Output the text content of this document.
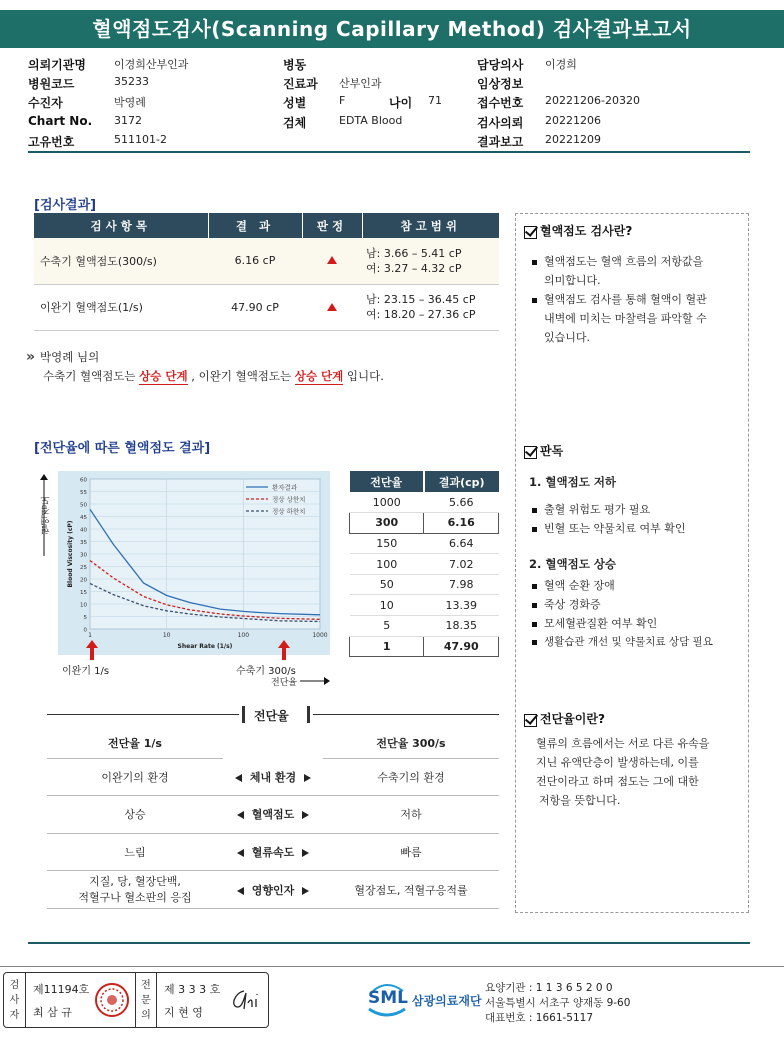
혈액점도검사(Scanning Capillary Method) 검사결과보고서
의뢰기관명	이경희산부인과
병원코드	35233
수진자	박영례
Chart No. 3172
고유번호	511101-2
병동
진료과 산부인과
성별	F	나이 71
검체	EDTA Blood
담당의사 이경희
임상정보
접수번호 20221206-20320
검사의뢰 20221206
결과보고 20221209
[검사결과]
검사항목	결 과	판정	참고범위
수축기 혈액점도(300/s)	6.16 cP		남: 3.66 – 5.41 cP
여: 3.27 – 4.32 cP

이완기 혈액점도(1/s)	47.90 cP		남: 23.15 – 36.45 cP
여: 18.20 – 27.36 cP
» 박영례 님의
수축기 혈액점도는 상승 단계 , 이완기 혈액점도는 상승 단계 입니다.
[전단율에 따른 혈액점도 결과]
혈액점도
0
5
10
15
20
25
30
35
40
45
50
55
60
1	10	100	1000
Shear Rate (1/s)
Blood Viscosity (cP)
환자결과
정상 상한치
정상 하한치
이완기 1/s	수축기 300/s
전단율
전단율	결과(cp)
1000	5.66
300	6.16
150	6.64
100	7.02
50	7.98
10	13.39
5	18.35
1	47.90
전단율
전단율 1/s		전단율 300/s
이완기의 환경	체내 환경	수축기의 환경
상승	혈액점도	저하
느림	혈류속도	빠름

지질, 당, 혈장단백,
적혈구나 혈소판의 응집	영향인자	혈장점도, 적혈구응적률
혈액점도 검사란?
혈액점도는 혈액 흐름의 저항값을
의미합니다.
혈액점도 검사를 통해 혈액이 혈관
내벽에 미치는 마찰력을 파악할 수
있습니다.
판독
1. 혈액점도 저하
출혈 위험도 평가 필요
빈혈 또는 약물치료 여부 확인
2. 혈액점도 상승
혈액 순환 장애
죽상 경화증
모세혈관질환 여부 확인
생활습관 개선 및 약물치료 상담 필요
전단율이란?
혈류의 흐름에서는 서로 다른 유속을
지닌 유액단층이 발생하는데, 이를
전단이라고 하며 점도는 그에 대한
저항을 뜻합니다.
검
사
자
제11194호
최 삼 규
전
문
의
제 3 3 3 호
지 현 영
SML 삼광의료재단
요양기관 : 1 1 3 6 5 2 0 0
서울특별시 서초구 양재동 9-60
대표번호 : 1661-5117
